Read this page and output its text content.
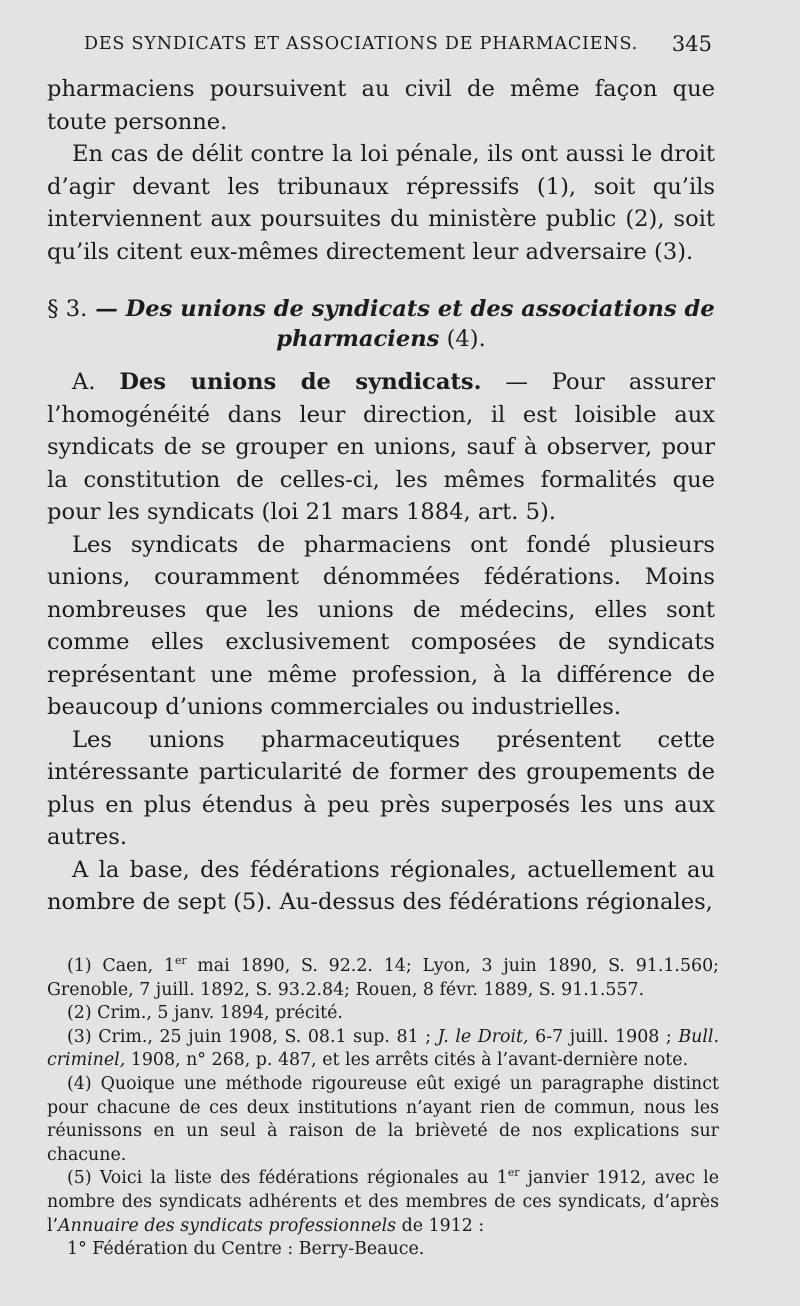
DES SYNDICATS ET ASSOCIATIONS DE PHARMACIENS. 345

pharmaciens poursuivent au civil de même façon que toute personne.

En cas de délit contre la loi pénale, ils ont aussi le droit d’agir devant les tribunaux répressifs (1), soit qu’ils interviennent aux poursuites du ministère public (2), soit qu’ils citent eux-mêmes directement leur adversaire (3).

§ 3. — Des unions de syndicats et des associations de pharmaciens (4).

A. Des unions de syndicats. — Pour assurer l’homogénéité dans leur direction, il est loisible aux syndicats de se grouper en unions, sauf à observer, pour la constitution de celles-ci, les mêmes formalités que pour les syndicats (loi 21 mars 1884, art. 5).

Les syndicats de pharmaciens ont fondé plusieurs unions, couramment dénommées fédérations. Moins nombreuses que les unions de médecins, elles sont comme elles exclusivement composées de syndicats représentant une même profession, à la différence de beaucoup d’unions commerciales ou industrielles.

Les unions pharmaceutiques présentent cette intéressante particularité de former des groupements de plus en plus étendus à peu près superposés les uns aux autres.

A la base, des fédérations régionales, actuellement au nombre de sept (5). Au-dessus des fédérations régionales,

(1) Caen, 1er mai 1890, S. 92.2. 14; Lyon, 3 juin 1890, S. 91.1.560; Grenoble, 7 juill. 1892, S. 93.2.84; Rouen, 8 févr. 1889, S. 91.1.557.

(2) Crim., 5 janv. 1894, précité.

(3) Crim., 25 juin 1908, S. 08.1 sup. 81 ; J. le Droit, 6-7 juill. 1908 ; Bull. criminel, 1908, n° 268, p. 487, et les arrêts cités à l’avant-dernière note.

(4) Quoique une méthode rigoureuse eût exigé un paragraphe distinct pour chacune de ces deux institutions n’ayant rien de commun, nous les réunissons en un seul à raison de la brièveté de nos explications sur chacune.

(5) Voici la liste des fédérations régionales au 1er janvier 1912, avec le nombre des syndicats adhérents et des membres de ces syndicats, d’après l’Annuaire des syndicats professionnels de 1912 :

1° Fédération du Centre : Berry-Beauce.
